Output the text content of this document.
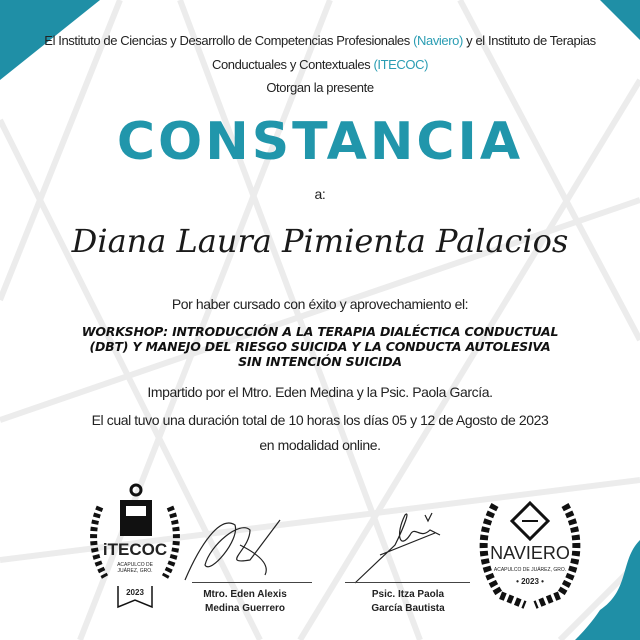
El Instituto de Ciencias y Desarrollo de Competencias Profesionales (Naviero) y el Instituto de Terapias
Conductuales y Contextuales (ITECOC)
Otorgan la presente
CONSTANCIA
a:
Diana Laura Pimienta Palacios
Por haber cursado con éxito y aprovechamiento el:
WORKSHOP: INTRODUCCIÓN A LA TERAPIA DIALÉCTICA CONDUCTUAL
(DBT) Y MANEJO DEL RIESGO SUICIDA Y LA CONDUCTA AUTOLESIVA
SIN INTENCIÓN SUICIDA
Impartido por el Mtro. Eden Medina y la Psic. Paola García.
El cual tuvo una duración total de 10 horas los días 05 y 12 de Agosto de 2023
en modalidad online.
iTECOC
ACAPULCO DE JUÁREZ, GRO.
2023	Mtro. Eden Alexis
Medina Guerrero
Psic. Itza Paola
García Bautista
NAVIERO
ACAPULCO DE JUÁREZ, GRO.
• 2023 •
